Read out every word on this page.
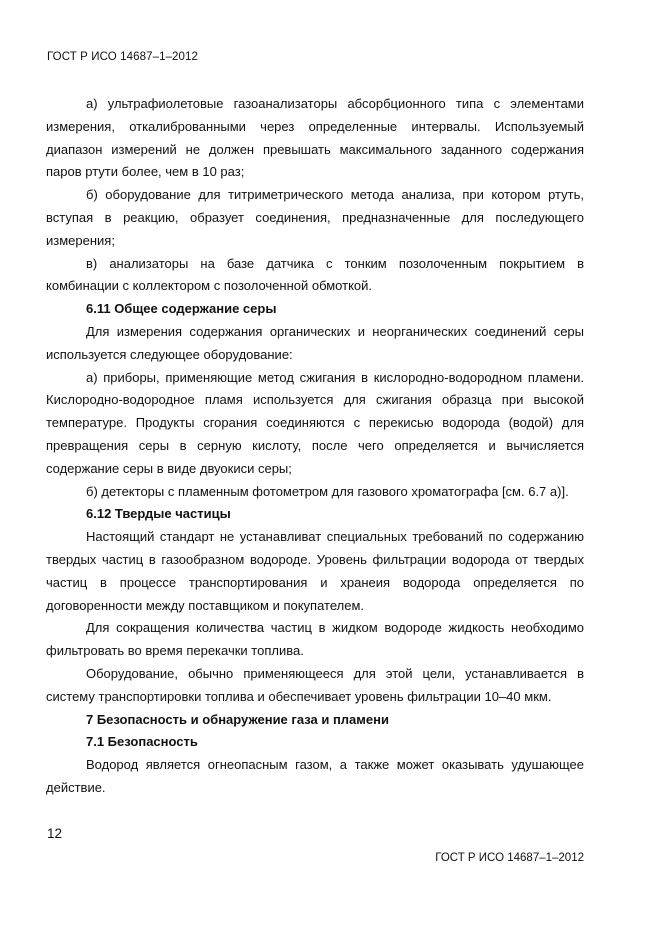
ГОСТ Р ИСО 14687–1–2012

а) ультрафиолетовые газоанализаторы абсорбционного типа с элементами измерения, откалиброванными через определенные интервалы. Используемый диапазон измерений не должен превышать максимального заданного содержания паров ртути более, чем в 10 раз;

б) оборудование для титриметрического метода анализа, при котором ртуть, вступая в реакцию, образует соединения, предназначенные для последующего измерения;

в) анализаторы на базе датчика с тонким позолоченным покрытием в комбинации с коллектором с позолоченной обмоткой.

6.11 Общее содержание серы

Для измерения содержания органических и неорганических соединений серы используется следующее оборудование:

а) приборы, применяющие метод сжигания в кислородно-водородном пламени. Кислородно-водородное пламя используется для сжигания образца при высокой температуре. Продукты сгорания соединяются с перекисью водорода (водой) для превращения серы в серную кислоту, после чего определяется и вычисляется содержание серы в виде двуокиси серы;

б) детекторы с пламенным фотометром для газового хроматографа [см. 6.7 а)].

6.12 Твердые частицы

Настоящий стандарт не устанавливат специальных требований по содержанию твердых частиц в газообразном водороде. Уровень фильтрации водорода от твердых частиц в процессе транспортирования и хранеия водорода определяется по договоренности между поставщиком и покупателем.

Для сокращения количества частиц в жидком водороде жидкость необходимо фильтровать во время перекачки топлива.

Оборудование, обычно применяющееся для этой цели, устанавливается в систему транспортировки топлива и обеспечивает уровень фильтрации 10–40 мкм.

7 Безопасность и обнаружение газа и пламени

7.1 Безопасность

Водород является огнеопасным газом, а также может оказывать удушающее действие.

12
ГОСТ Р ИСО 14687–1–2012
